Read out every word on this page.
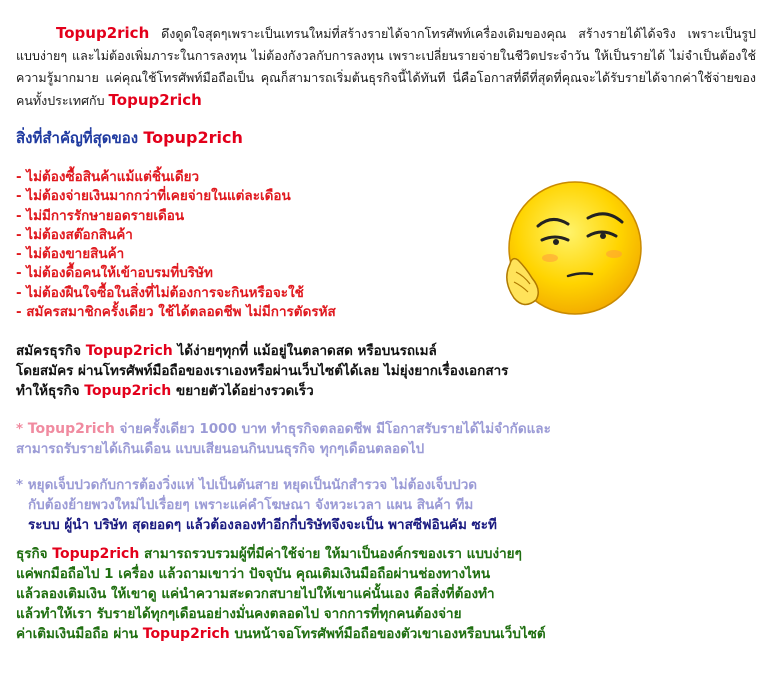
Topup2rich ดึงดูดใจสุดๆเพราะเป็นเทรนใหม่ที่สร้างรายได้จากโทรศัพท์เครื่องเดิมของคุณ สร้างรายได้ได้จริง เพราะเป็นรูปแบบง่ายๆ และไม่ต้องเพิ่มภาระในการลงทุน ไม่ต้องกังวลกับการลงทุน เพราะเปลี่ยนรายจ่ายในชีวิตประจำวัน ให้เป็นรายได้ ไม่จำเป็นต้องใช้ความรู้มากมาย แค่คุณใช้โทรศัพท์มือถือเป็น คุณก็สามารถเริ่มต้นธุรกิจนี้ได้ทันที นี่คือโอกาสที่ดีที่สุดที่คุณจะได้รับรายได้จากค่าใช้จ่ายของคนทั้งประเทศกับ Topup2rich

สิ่งที่สำคัญที่สุดของ Topup2rich
- ไม่ต้องซื้อสินค้าแม้แต่ชิ้นเดียว
- ไม่ต้องจ่ายเงินมากกว่าที่เคยจ่ายในแต่ละเดือน
- ไม่มีการรักษายอดรายเดือน
- ไม่ต้องสต๊อกสินค้า
- ไม่ต้องขายสินค้า
- ไม่ต้องดื้อคนให้เข้าอบรมที่บริษัท
- ไม่ต้องฝืนใจซื้อในสิ่งที่ไม่ต้องการจะกินหรือจะใช้
- สมัครสมาชิกครั้งเดียว ใช้ได้ตลอดชีพ ไม่มีการตัดรหัส
สมัครธุรกิจ Topup2rich ได้ง่ายๆทุกที่ แม้อยู่ในตลาดสด หรือบนรถเมล์
โดยสมัคร ผ่านโทรศัพท์มือถือของเราเองหรือผ่านเว็บไซต์ได้เลย ไม่ยุ่งยากเรื่องเอกสาร
ทำให้ธุรกิจ Topup2rich ขยายตัวได้อย่างรวดเร็ว
* Topup2rich จ่ายครั้งเดียว 1000 บาท ทำธุรกิจตลอดชีพ มีโอกาสรับรายได้ไม่จำกัดและ
สามารถรับรายได้เกินเดือน แบบเสียนอนกินบนธุรกิจ ทุกๆเดือนตลอดไป
* หยุดเจ็บปวดกับการต้องวิ่งแห่ ไปเป็นตันสาย หยุดเป็นนักสำรวจ ไม่ต้องเจ็บปวด
กับต้องย้ายพวงใหม่ไปเรื่อยๆ เพราะแค่คำโฆษณา จังหวะเวลา แผน สินค้า ทีม
ระบบ ผู้นำ บริษัท สุดยอดๆ แล้วต้องลองทำอีกกี่บริษัทจึงจะเป็น พาสซีฟอินคัม ซะที
ธุรกิจ Topup2rich สามารถรวบรวมผู้ที่มีค่าใช้จ่าย ให้มาเป็นองค์กรของเรา แบบง่ายๆ
แค่พกมือถือไป 1 เครื่อง แล้วถามเขาว่า ปัจจุบัน คุณเติมเงินมือถือผ่านช่องทางไหน
แล้วลองเติมเงิน ให้เขาดู แค่นำความสะดวกสบายไปให้เขาแค่นั้นเอง คือสิ่งที่ต้องทำ
แล้วทำให้เรา รับรายได้ทุกๆเดือนอย่างมั่นคงตลอดไป จากการที่ทุกคนต้องจ่าย
ค่าเติมเงินมือถือ ผ่าน Topup2rich บนหน้าจอโทรศัพท์มือถือของตัวเขาเองหรือบนเว็บไซต์
